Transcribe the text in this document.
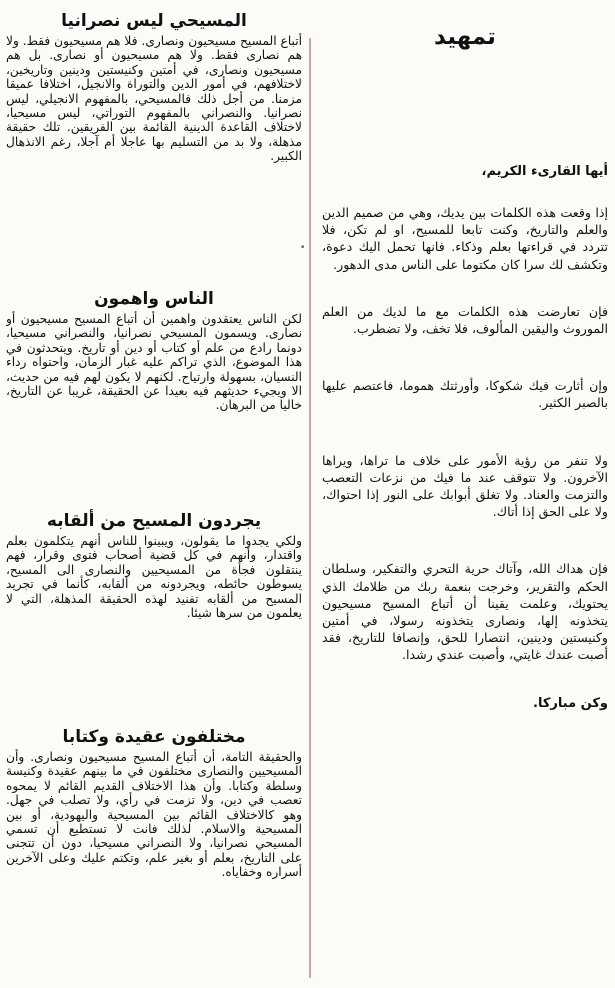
•
المسيحي ليس نصرانيا

أتباع المسيح مسيحيون ونصارى. فلا هم مسيحيون فقط. ولا هم نصارى فقط. ولا هم مسيحيون أو نصارى. بل هم مسيحيون ونصارى، في أمتين وكنيستين ودينين وتاريخين، لاختلافهم، في أمور الدين والتوراة والانجيل، اختلافا عميقا مزمنا. من أجل ذلك فالمسيحي، بالمفهوم الانجيلي، ليس نصرانيا. والنصراني بالمفهوم التوراتي، ليس مسيحيا، لاختلاف القاعدة الدينية القائمة بين الفريقين. تلك حقيقة مذهلة، ولا بد من التسليم بها عاجلا أم آجلا، رغم الانذهال الكبير.

الناس واهمون

لكن الناس يعتقدون واهمين أن أتباع المسيح مسيحيون أو نصارى. ويسمون المسيحي نصرانيا، والنصراني مسيحيا، دونما رادع من علم أو كتاب أو دين أو تاريخ. ويتحدثون في هذا الموضوع، الذي تراكم عليه غبار الزمان، واحتواه رداء النسيان، بسهولة وارتياح. لكنهم لا يكون لهم فيه من حديث، الا ويجيء حديثهم فيه بعيدا عن الحقيقة، غريبا عن التاريخ، خاليا من البرهان.

يجردون المسيح من ألقابه

ولكي يجدوا ما يقولون، ويبينوا للناس أنهم يتكلمون بعلم واقتدار، وأنهم في كل قضية أصحاب فتوى وقرار، فهم ينتقلون فجأة من المسيحيين والنصارى الى المسيح، يسوطون حائطه، ويجردونه من ألقابه، كأنما في تجريد المسيح من ألقابه تفنيد لهذه الحقيقة المذهلة، التي لا يعلمون من سرها شيئا.

مختلفون عقيدة وكتابا

والحقيقة التامة، أن أتباع المسيح مسيحيون ونصارى. وأن المسيحيين والنصارى مختلفون في ما بينهم عقيدة وكنيسة وسلطة وكتابا. وأن هذا الاختلاف القديم القائم لا يمحوه تعصب في دين، ولا تزمت في رأي، ولا تصلب في جهل. وهو كالاختلاف القائم بين المسيحية واليهودية، أو بين المسيحية والاسلام. لذلك فانت لا تستطيع أن تسمي المسيحي نصرانيا، ولا النصراني مسيحيا، دون أن تتجنى على التاريخ، بعلم أو بغير علم، وتكتم عليك وعلى الآخرين أسراره وخفاياه.

تمهيد
أيها القارىء الكريم،

إذا وقعت هذه الكلمات بين يديك، وهي من صميم الدين والعلم والتاريخ، وكنت تابعا للمسيح، او لم تكن، فلا تتردد في قراءتها بعلم وذكاء. فانها تحمل اليك دعوة، وتكشف لك سرا كان مكتوما على الناس مدى الدهور.

فإن تعارضت هذه الكلمات مع ما لديك من العلم الموروث واليقين المألوف، فلا تخف، ولا تضطرب.

وإن أثارت فيك شكوكا، وأورثتك هموما، فاعتصم عليها بالصبر الكثير.

ولا تنفر من رؤية الأمور على خلاف ما تراها، ويراها الآخرون. ولا تتوقف عند ما فيك من نزعات التعصب والتزمت والعناد. ولا تغلق أبوابك على النور إذا احتواك، ولا على الحق إذا أتاك.

فإن هداك الله، وآتاك حرية التحري والتفكير، وسلطان الحكم والتقرير، وخرجت بنعمة ربك من ظلامك الذي يحتويك، وعلمت يقينا أن أتباع المسيح مسيحيون يتخذونه إلها، ونصارى يتخذونه رسولا، في أمتين وكنيستين ودينين، انتصارا للحق، وإنصافا للتاريخ، فقد أصبت عندك غايتي، وأصبت عندي رشدا.

وكن مباركا.
